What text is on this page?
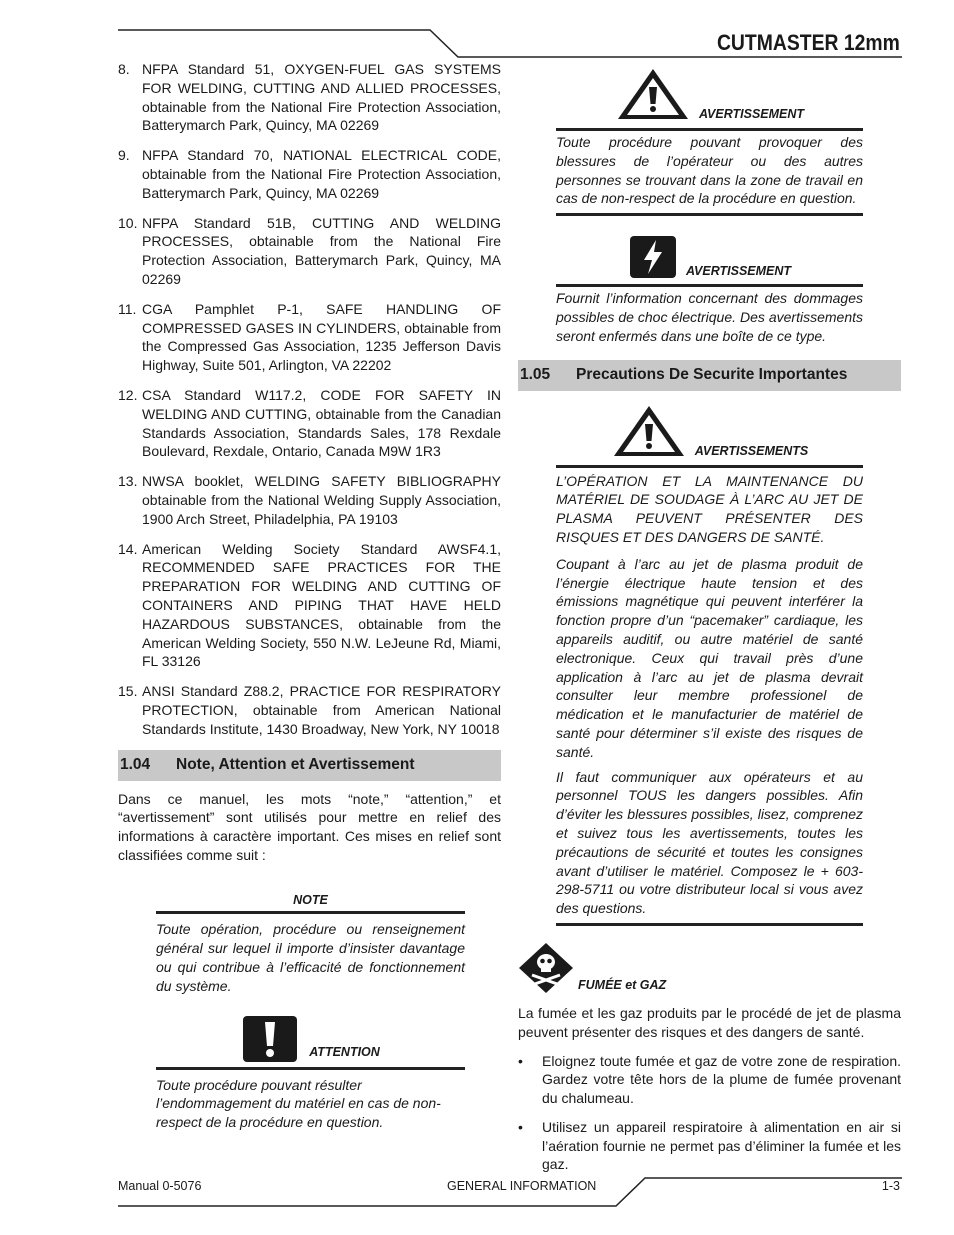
CUTMASTER 12mm
8. NFPA Standard 51, OXYGEN-FUEL GAS SYSTEMS FOR WELDING, CUTTING AND ALLIED PROCESSES, obtainable from the National Fire Protection Association, Batterymarch Park, Quincy, MA 02269
9. NFPA Standard 70, NATIONAL ELECTRICAL CODE, obtainable from the National Fire Protection Association, Batterymarch Park, Quincy, MA 02269
10. NFPA Standard 51B, CUTTING AND WELDING PROCESSES, obtainable from the National Fire Protection Association, Batterymarch Park, Quincy, MA 02269
11. CGA Pamphlet P-1, SAFE HANDLING OF COMPRESSED GASES IN CYLINDERS, obtainable from the Compressed Gas Association, 1235 Jefferson Davis Highway, Suite 501, Arlington, VA 22202
12. CSA Standard W117.2, CODE FOR SAFETY IN WELDING AND CUTTING, obtainable from the Canadian Standards Association, Standards Sales, 178 Rexdale Boulevard, Rexdale, Ontario, Canada M9W 1R3
13. NWSA booklet, WELDING SAFETY BIBLIOGRAPHY obtainable from the National Welding Supply Association, 1900 Arch Street, Philadelphia, PA 19103
14. American Welding Society Standard AWSF4.1, RECOMMENDED SAFE PRACTICES FOR THE PREPARATION FOR WELDING AND CUTTING OF CONTAINERS AND PIPING THAT HAVE HELD HAZARDOUS SUBSTANCES, obtainable from the American Welding Society, 550 N.W. LeJeune Rd, Miami, FL 33126
15. ANSI Standard Z88.2, PRACTICE FOR RESPIRATORY PROTECTION, obtainable from American National Standards Institute, 1430 Broadway, New York, NY 10018
1.04	Note, Attention et Avertissement
Dans ce manuel, les mots “note,” “attention,” et “avertissement” sont utilisés pour mettre en relief des informations à caractère important. Ces mises en relief sont classifiées comme suit :
NOTE
Toute opération, procédure ou renseignement général sur lequel il importe d’insister davantage ou qui contribue à l’efficacité de fonctionnement du système.
ATTENTION
Toute procédure pouvant résulter l’endommagement du matériel en cas de non-respect de la procédure en question.
AVERTISSEMENT
Toute procédure pouvant provoquer des blessures de l’opérateur ou des autres personnes se trouvant dans la zone de travail en cas de non-respect de la procédure en question.
AVERTISSEMENT
Fournit l’information concernant des dommages possibles de choc électrique. Des avertissements seront enfermés dans une boîte de ce type.
1.05	Precautions De Securite Importantes
AVERTISSEMENTS
L’OPÉRATION ET LA MAINTENANCE DU MATÉRIEL DE SOUDAGE À L’ARC AU JET DE PLASMA PEUVENT PRÉSENTER DES RISQUES ET DES DANGERS DE SANTÉ.
Coupant à l’arc au jet de plasma produit de l’énergie électrique haute tension et des émissions magnétique qui peuvent interférer la fonction propre d’un “pacemaker” cardiaque, les appareils auditif, ou autre matériel de santé electronique. Ceux qui travail près d’une application à l’arc au jet de plasma devrait consulter leur membre professionel de médication et le manufacturier de matériel de santé pour déterminer s’il existe des risques de santé.
Il faut communiquer aux opérateurs et au personnel TOUS les dangers possibles. Afin d’éviter les blessures possibles, lisez, comprenez et suivez tous les avertissements, toutes les précautions de sécurité et toutes les consignes avant d’utiliser le matériel. Composez le + 603-298-5711 ou votre distributeur local si vous avez des questions.
FUMÉE et GAZ
La fumée et les gaz produits par le procédé de jet de plasma peuvent présenter des risques et des dangers de santé.
•	Eloignez toute fumée et gaz de votre zone de respiration. Gardez votre tête hors de la plume de fumée provenant du chalumeau.
•	Utilisez un appareil respiratoire à alimentation en air si l’aération fournie ne permet pas d’éliminer la fumée et les gaz.
Manual 0-5076	GENERAL INFORMATION	1-3
